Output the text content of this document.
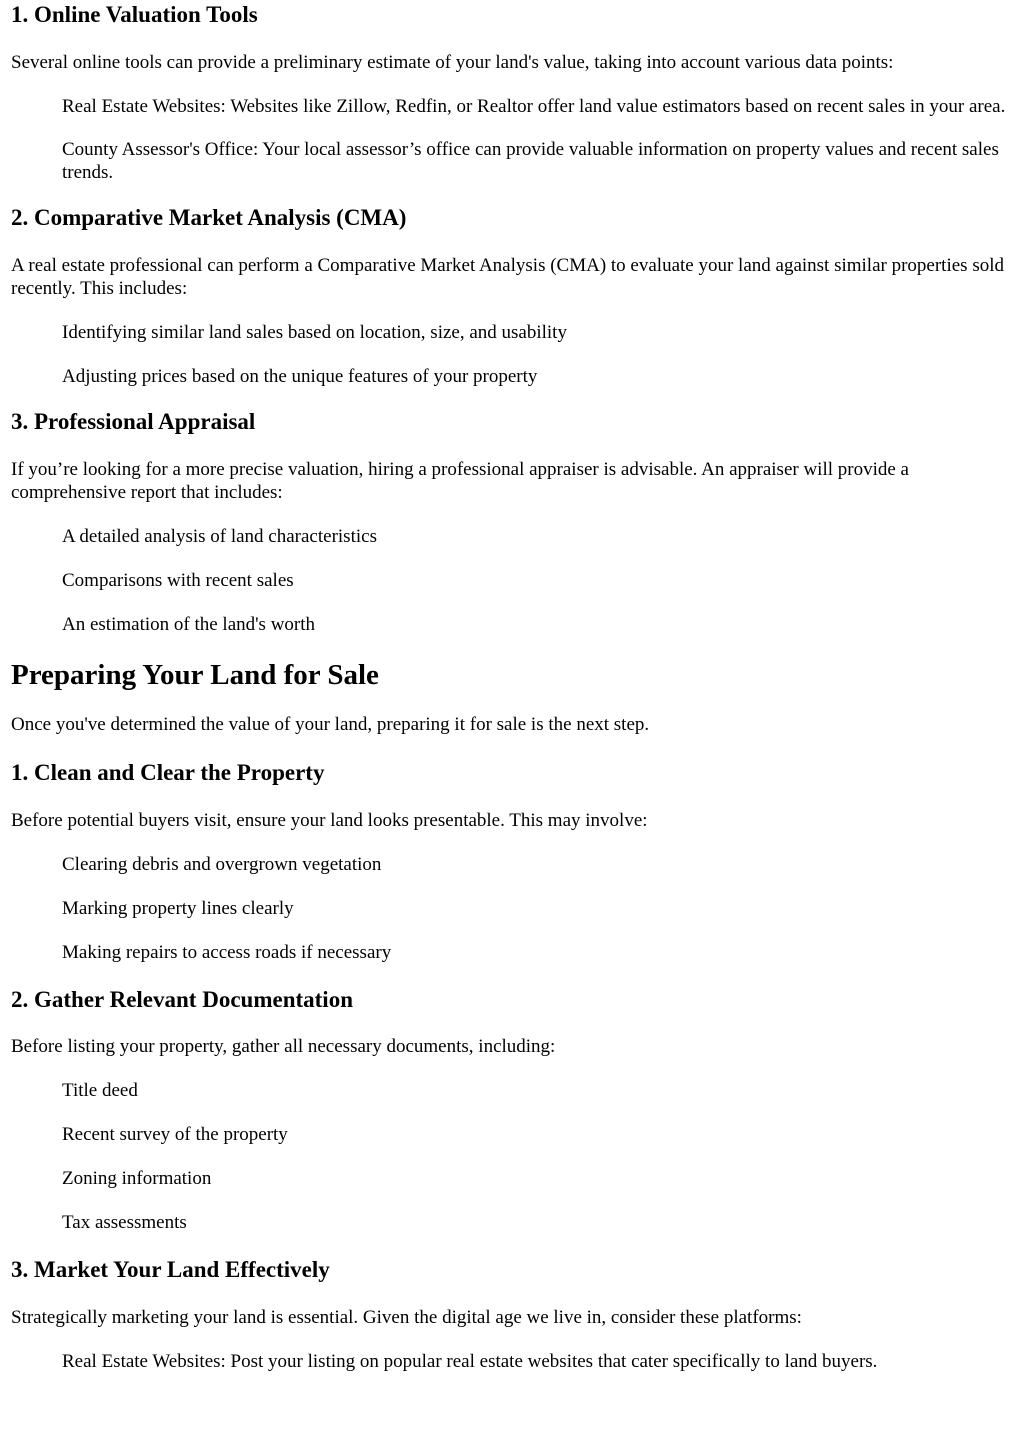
1. Online Valuation Tools

Several online tools can provide a preliminary estimate of your land's value, taking into account various data points:

Real Estate Websites: Websites like Zillow, Redfin, or Realtor offer land value estimators based on recent sales in your area.

County Assessor's Office: Your local assessor’s office can provide valuable information on property values and recent sales trends.

2. Comparative Market Analysis (CMA)

A real estate professional can perform a Comparative Market Analysis (CMA) to evaluate your land against similar properties sold recently. This includes:

Identifying similar land sales based on location, size, and usability

Adjusting prices based on the unique features of your property

3. Professional Appraisal

If you’re looking for a more precise valuation, hiring a professional appraiser is advisable. An appraiser will provide a comprehensive report that includes:

A detailed analysis of land characteristics

Comparisons with recent sales

An estimation of the land's worth

Preparing Your Land for Sale

Once you've determined the value of your land, preparing it for sale is the next step.

1. Clean and Clear the Property

Before potential buyers visit, ensure your land looks presentable. This may involve:

Clearing debris and overgrown vegetation

Marking property lines clearly

Making repairs to access roads if necessary

2. Gather Relevant Documentation

Before listing your property, gather all necessary documents, including:

Title deed

Recent survey of the property

Zoning information

Tax assessments

3. Market Your Land Effectively

Strategically marketing your land is essential. Given the digital age we live in, consider these platforms:

Real Estate Websites: Post your listing on popular real estate websites that cater specifically to land buyers.
